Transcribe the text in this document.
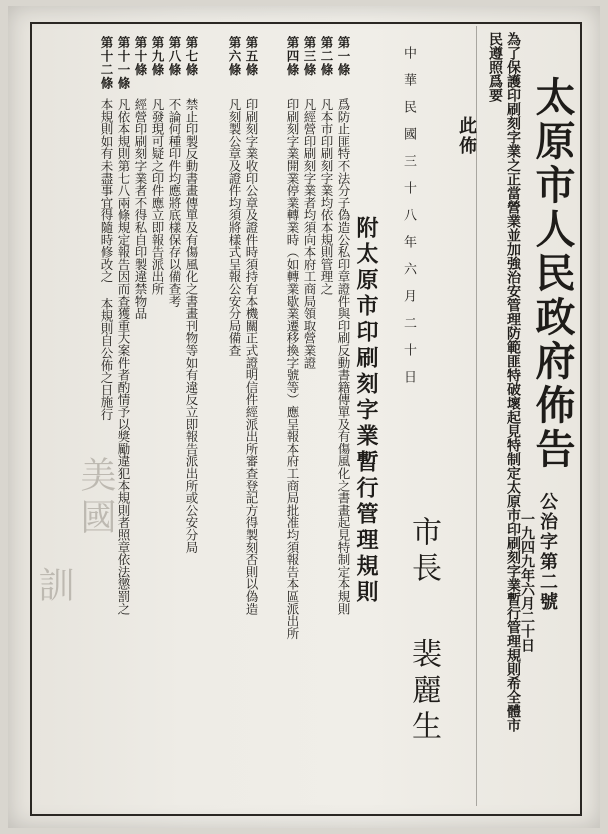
美國
訓
太原市人民政府佈告
為了保護印刷刻字業之正當營業並加強治安管理防範匪特破壞起見特制定太原市印刷刻字業暫行管理規則希全體市
民遵照爲要
此佈
公治字第二號
一九四九年六月二十日
市長
裴麗生
附太原市印刷刻字業暫行管理規則
第一條
爲防止匪特不法分子偽造公私印章證件與印刷反動書籍傳單及有傷風化之書畫起見特制定本規則
第二條
凡本市印刷刻字業均依本規則管理之
第三條
凡經營印刷刻字業者均須向本府工商局領取營業證
第四條
印刷刻字業開業停業轉業時（如轉業歇業遷移換字號等）應呈報本府工商局批准均須報告本區派出所
第五條
印刷刻字業收印公章及證件時須持有本機關正式證明信件經派出所審查登記方得製刻否則以偽造
第六條
凡刻製公章及證件均須將樣式呈報公安分局備查
第七條
禁止印製反動書畫傳單及有傷風化之書畫刊物等如有違反立即報告派出所或公安分局
第八條
不論何種印件均應將底樣保存以備查考
第九條
凡發現可疑之印件應立即報告派出所
第十條
經營印刷刻字業者不得私自印製違禁物品
第十一條
凡依本規則第七八兩條規定報告因而查獲重大案件者酌情予以獎勵違犯本規則者照章依法懲罰之
第十二條
本規則如有未盡事宜得隨時修改之 本規則自公佈之日施行	中華民國三十八年六月二十日
